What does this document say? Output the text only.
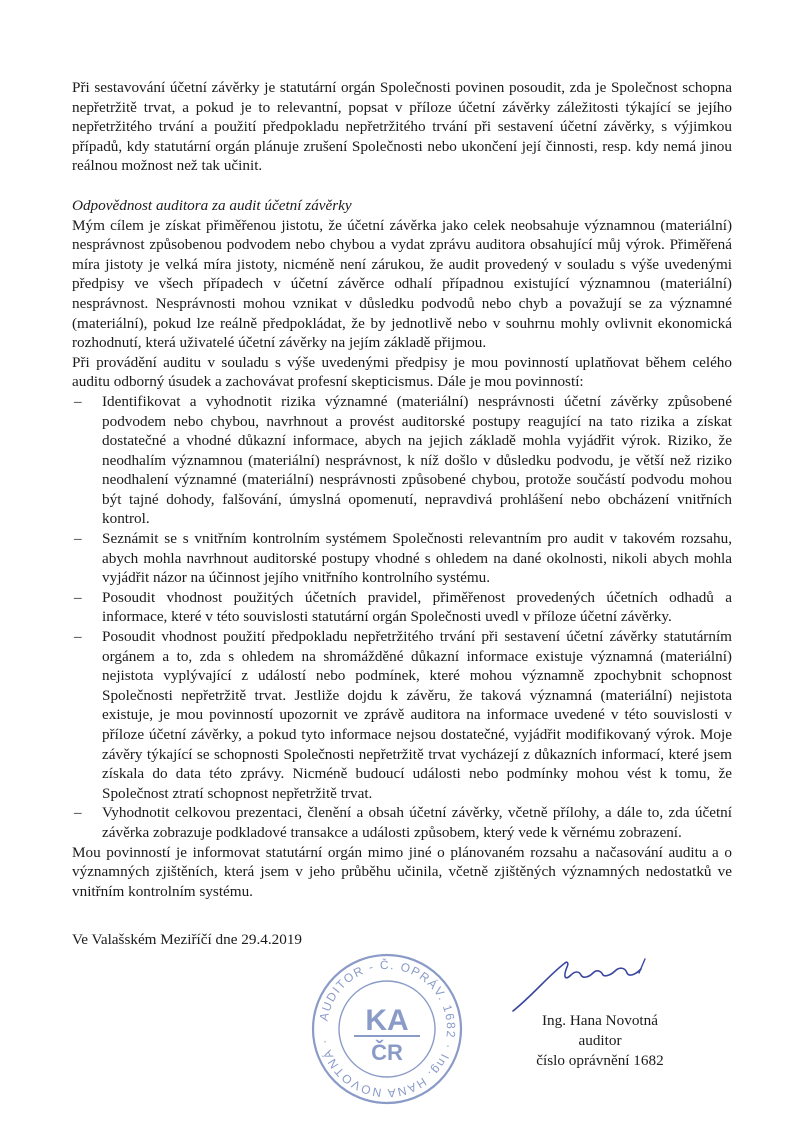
Při sestavování účetní závěrky je statutární orgán Společnosti povinen posoudit, zda je Společnost schopna nepřetržitě trvat, a pokud je to relevantní, popsat v příloze účetní závěrky záležitosti týkající se jejího nepřetržitého trvání a použití předpokladu nepřetržitého trvání při sestavení účetní závěrky, s výjimkou případů, kdy statutární orgán plánuje zrušení Společnosti nebo ukončení její činnosti, resp. kdy nemá jinou reálnou možnost než tak učinit.

Odpovědnost auditora za audit účetní závěrky

Mým cílem je získat přiměřenou jistotu, že účetní závěrka jako celek neobsahuje významnou (materiální) nesprávnost způsobenou podvodem nebo chybou a vydat zprávu auditora obsahující můj výrok. Přiměřená míra jistoty je velká míra jistoty, nicméně není zárukou, že audit provedený v souladu s výše uvedenými předpisy ve všech případech v účetní závěrce odhalí případnou existující významnou (materiální) nesprávnost. Nesprávnosti mohou vznikat v důsledku podvodů nebo chyb a považují se za významné (materiální), pokud lze reálně předpokládat, že by jednotlivě nebo v souhrnu mohly ovlivnit ekonomická rozhodnutí, která uživatelé účetní závěrky na jejím základě přijmou.

Při provádění auditu v souladu s výše uvedenými předpisy je mou povinností uplatňovat během celého auditu odborný úsudek a zachovávat profesní skepticismus. Dále je mou povinností:

– Identifikovat a vyhodnotit rizika významné (materiální) nesprávnosti účetní závěrky způsobené podvodem nebo chybou, navrhnout a provést auditorské postupy reagující na tato rizika a získat dostatečné a vhodné důkazní informace, abych na jejich základě mohla vyjádřit výrok. Riziko, že neodhalím významnou (materiální) nesprávnost, k níž došlo v důsledku podvodu, je větší než riziko neodhalení významné (materiální) nesprávnosti způsobené chybou, protože součástí podvodu mohou být tajné dohody, falšování, úmyslná opomenutí, nepravdivá prohlášení nebo obcházení vnitřních kontrol.
– Seznámit se s vnitřním kontrolním systémem Společnosti relevantním pro audit v takovém rozsahu, abych mohla navrhnout auditorské postupy vhodné s ohledem na dané okolnosti, nikoli abych mohla vyjádřit názor na účinnost jejího vnitřního kontrolního systému.
– Posoudit vhodnost použitých účetních pravidel, přiměřenost provedených účetních odhadů a informace, které v této souvislosti statutární orgán Společnosti uvedl v příloze účetní závěrky.
– Posoudit vhodnost použití předpokladu nepřetržitého trvání při sestavení účetní závěrky statutárním orgánem a to, zda s ohledem na shromážděné důkazní informace existuje významná (materiální) nejistota vyplývající z událostí nebo podmínek, které mohou významně zpochybnit schopnost Společnosti nepřetržitě trvat. Jestliže dojdu k závěru, že taková významná (materiální) nejistota existuje, je mou povinností upozornit ve zprávě auditora na informace uvedené v této souvislosti v příloze účetní závěrky, a pokud tyto informace nejsou dostatečné, vyjádřit modifikovaný výrok. Moje závěry týkající se schopnosti Společnosti nepřetržitě trvat vycházejí z důkazních informací, které jsem získala do data této zprávy. Nicméně budoucí události nebo podmínky mohou vést k tomu, že Společnost ztratí schopnost nepřetržitě trvat.
– Vyhodnotit celkovou prezentaci, členění a obsah účetní závěrky, včetně přílohy, a dále to, zda účetní závěrka zobrazuje podkladové transakce a události způsobem, který vede k věrnému zobrazení.

Mou povinností je informovat statutární orgán mimo jiné o plánovaném rozsahu a načasování auditu a o významných zjištěních, která jsem v jeho průběhu učinila, včetně zjištěných významných nedostatků ve vnitřním kontrolním systému.

Ve Valašském Meziříčí dne 29.4.2019
AUDITOR - Č. OPRÁV. 1682 · Ing. HANA NOVOTNÁ ·
KA
ČR
Ing. Hana Novotná
auditor
číslo oprávnění 1682
